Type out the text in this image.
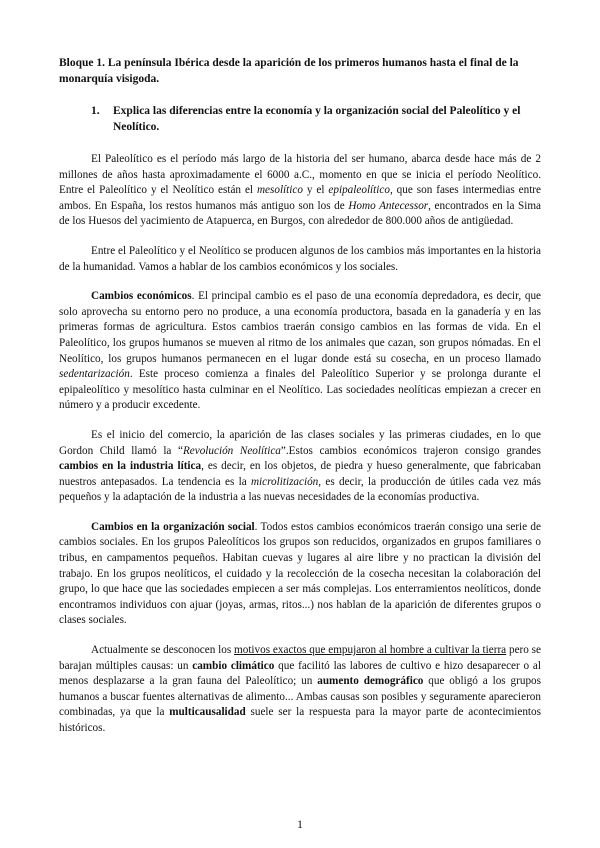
Bloque 1. La península Ibérica desde la aparición de los primeros humanos hasta el final de la monarquía visigoda.
1.	Explica las diferencias entre la economía y la organización social del Paleolítico y el Neolítico.

El Paleolítico es el período más largo de la historia del ser humano, abarca desde hace más de 2 millones de años hasta aproximadamente el 6000 a.C., momento en que se inicia el período Neolítico. Entre el Paleolítico y el Neolítico están el mesolítico y el epipaleolítico, que son fases intermedias entre ambos. En España, los restos humanos más antiguo son los de Homo Antecessor, encontrados en la Sima de los Huesos del yacimiento de Atapuerca, en Burgos, con alrededor de 800.000 años de antigüedad.

Entre el Paleolítico y el Neolítico se producen algunos de los cambios más importantes en la historia de la humanidad. Vamos a hablar de los cambios económicos y los sociales.

Cambios económicos. El principal cambio es el paso de una economía depredadora, es decir, que solo aprovecha su entorno pero no produce, a una economía productora, basada en la ganadería y en las primeras formas de agricultura. Estos cambios traerán consigo cambios en las formas de vida. En el Paleolítico, los grupos humanos se mueven al ritmo de los animales que cazan, son grupos nómadas. En el Neolítico, los grupos humanos permanecen en el lugar donde está su cosecha, en un proceso llamado sedentarización. Este proceso comienza a finales del Paleolítico Superior y se prolonga durante el epipaleolítico y mesolítico hasta culminar en el Neolítico. Las sociedades neolíticas empiezan a crecer en número y a producir excedente.

Es el inicio del comercio, la aparición de las clases sociales y las primeras ciudades, en lo que Gordon Child llamó la “Revolución Neolítica”.Estos cambios económicos trajeron consigo grandes cambios en la industria lítica, es decir, en los objetos, de piedra y hueso generalmente, que fabricaban nuestros antepasados. La tendencia es la microlitización, es decir, la producción de útiles cada vez más pequeños y la adaptación de la industria a las nuevas necesidades de la economías productiva.

Cambios en la organización social. Todos estos cambios económicos traerán consigo una serie de cambios sociales. En los grupos Paleolíticos los grupos son reducidos, organizados en grupos familiares o tribus, en campamentos pequeños. Habitan cuevas y lugares al aire libre y no practican la división del trabajo. En los grupos neolíticos, el cuidado y la recolección de la cosecha necesitan la colaboración del grupo, lo que hace que las sociedades empiecen a ser más complejas. Los enterramientos neolíticos, donde encontramos individuos con ajuar (joyas, armas, ritos...) nos hablan de la aparición de diferentes grupos o clases sociales.

Actualmente se desconocen los motivos exactos que empujaron al hombre a cultivar la tierra pero se barajan múltiples causas: un cambio climático que facilitó las labores de cultivo e hizo desaparecer o al menos desplazarse a la gran fauna del Paleolítico; un aumento demográfico que obligó a los grupos humanos a buscar fuentes alternativas de alimento... Ambas causas son posibles y seguramente aparecieron combinadas, ya que la multicausalidad suele ser la respuesta para la mayor parte de acontecimientos históricos.

1
